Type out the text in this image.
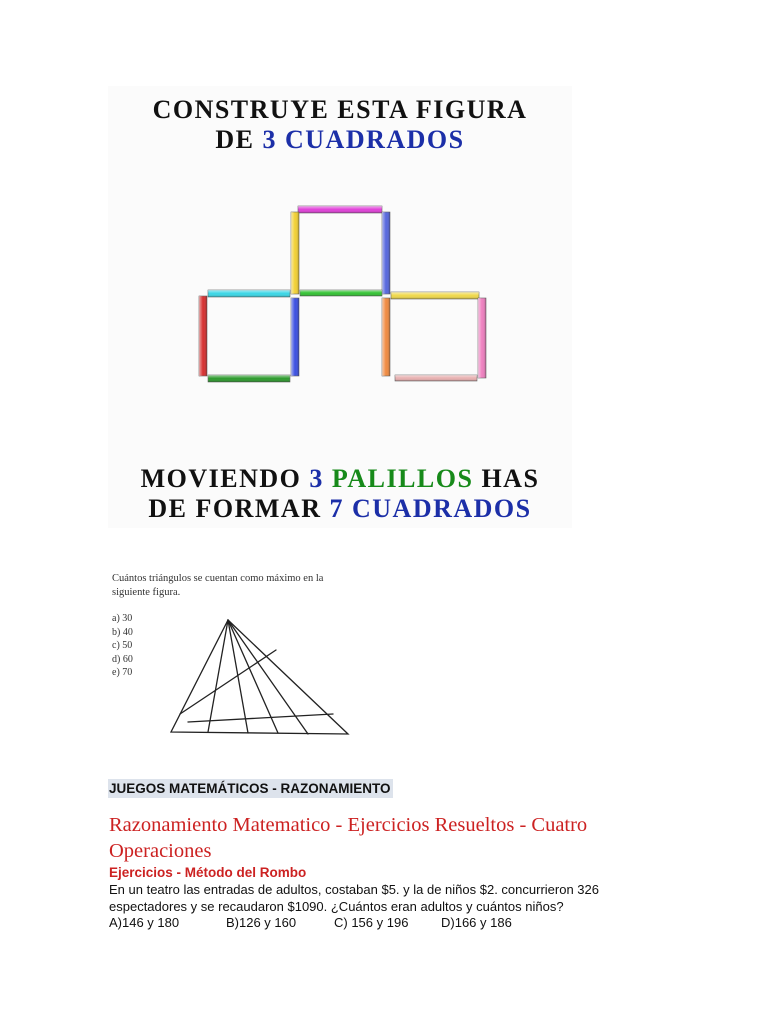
CONSTRUYE ESTA FIGURA
DE 3 CUADRADOS
MOVIENDO 3 PALILLOS HAS
DE FORMAR 7 CUADRADOS
Cuántos triángulos se cuentan como máximo en la
siguiente figura.
a) 30
b) 40
c) 50
d) 60
e) 70
JUEGOS MATEMÁTICOS - RAZONAMIENTO
Razonamiento Matematico - Ejercicios Resueltos - Cuatro
Operaciones
Ejercicios - Método del Rombo
En un teatro las entradas de adultos, costaban $5. y la de niños $2. concurrieron 326
espectadores y se recaudaron $1090. ¿Cuántos eran adultos y cuántos niños?
A)146 y 180	B)126 y 160	C) 156 y 196	D)166 y 186
